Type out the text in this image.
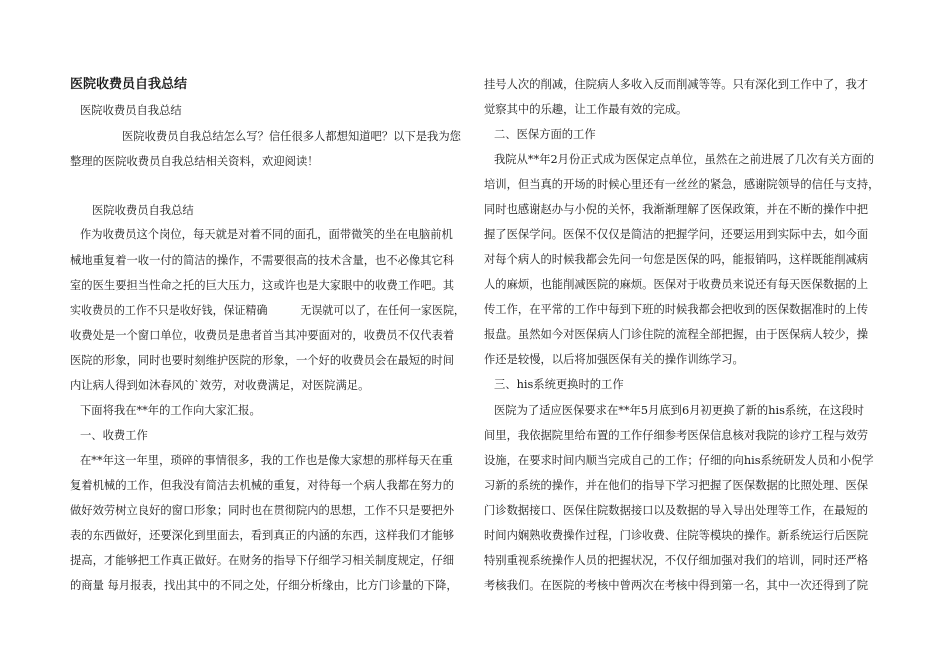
医院收费员自我总结
医院收费员自我总结
医院收费员自我总结怎么写？信任很多人都想知道吧？以下是我为您
整理的医院收费员自我总结相关资料，欢迎阅读！
医院收费员自我总结
作为收费员这个岗位，每天就是对着不同的面孔，面带微笑的坐在电脑前机
械地重复着一收一付的简洁的操作，不需要很高的技术含量，也不必像其它科
室的医生要担当性命之托的巨大压力，这或许也是大家眼中的收费工作吧。其
实收费员的工作不只是收好钱，保证精确　　　无误就可以了，在任何一家医院，
收费处是一个窗口单位，收费员是患者首当其冲要面对的，收费员不仅代表着
医院的形象，同时也要时刻维护医院的形象，一个好的收费员会在最短的时间
内让病人得到如沐春风的`效劳，对收费满足，对医院满足。
下面将我在**年的工作向大家汇报。
一、收费工作
在**年这一年里，琐碎的事情很多，我的工作也是像大家想的那样每天在重
复着机械的工作，但我没有简洁去机械的重复，对待每一个病人我都在努力的
做好效劳树立良好的窗口形象；同时也在贯彻院内的思想，工作不只是要把外
表的东西做好，还要深化到里面去，看到真正的内涵的东西，这样我们才能够
提高，才能够把工作真正做好。在财务的指导下仔细学习相关制度规定，仔细
的商量 每月报表，找出其中的不同之处，仔细分析缘由，比方门诊量的下降，
挂号人次的削减，住院病人多收入反而削减等等。只有深化到工作中了，我才
觉察其中的乐趣，让工作最有效的完成。
二、医保方面的工作
我院从**年2月份正式成为医保定点单位，虽然在之前进展了几次有关方面的
培训，但当真的开场的时候心里还有一丝丝的紧急，感谢院领导的信任与支持，
同时也感谢赵办与小倪的关怀，我渐渐理解了医保政策，并在不断的操作中把
握了医保学问。医保不仅仅是简洁的把握学问，还要运用到实际中去，如今面
对每个病人的时候我都会先问一句您是医保的吗，能报销吗，这样既能削减病
人的麻烦，也能削减医院的麻烦。医保对于收费员来说还有每天医保数据的上
传工作，在平常的工作中每到下班的时候我都会把收到的医保数据准时的上传
报盘。虽然如今对医保病人门诊住院的流程全部把握，由于医保病人较少，操
作还是较慢，以后将加强医保有关的操作训练学习。
三、his系统更换时的工作
医院为了适应医保要求在**年5月底到6月初更换了新的his系统，在这段时
间里，我依据院里给布置的工作仔细参考医保信息核对我院的诊疗工程与效劳
设施，在要求时间内顺当完成自己的工作；仔细的向his系统研发人员和小倪学
习新的系统的操作，并在他们的指导下学习把握了医保数据的比照处理、医保
门诊数据接口、医保住院数据接口以及数据的导入导出处理等工作，在最短的
时间内娴熟收费操作过程，门诊收费、住院等模块的操作。新系统运行后医院
特别重视系统操作人员的把握状况，不仅仔细加强对我们的培训，同时还严格
考核我们。在医院的考核中曾两次在考核中得到第一名，其中一次还得到了院
